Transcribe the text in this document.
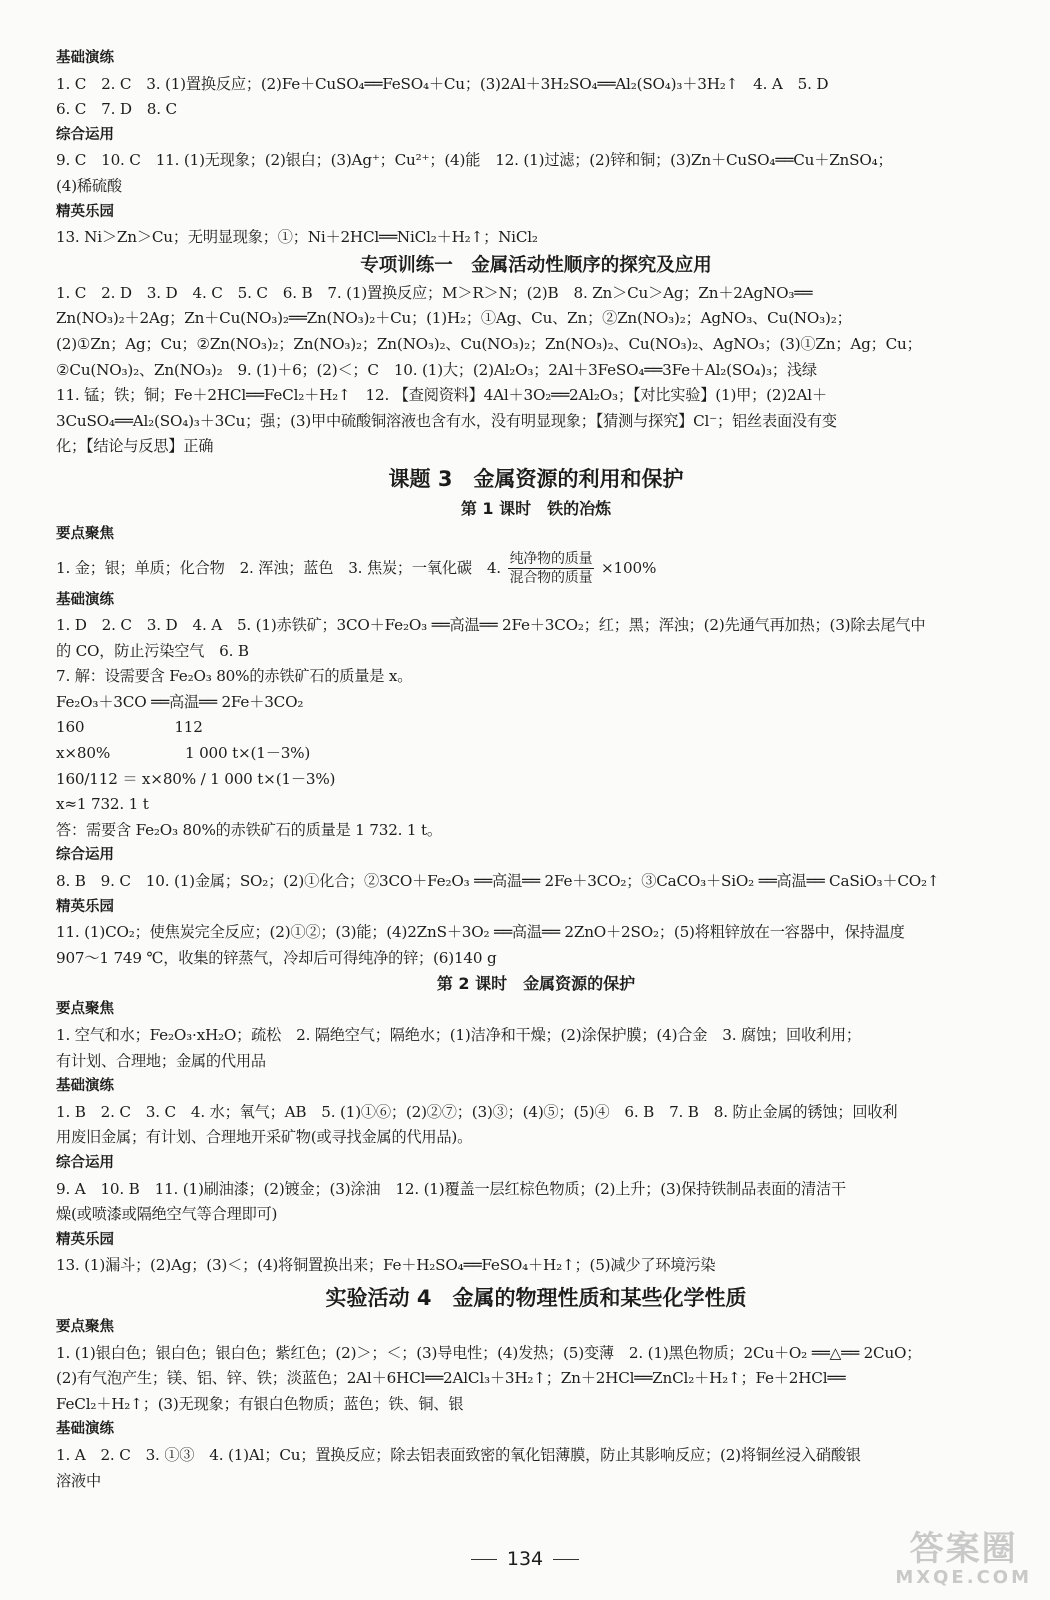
基础演练
1. C　2. C　3. (1)置换反应；(2)Fe＋CuSO₄══FeSO₄＋Cu；(3)2Al＋3H₂SO₄══Al₂(SO₄)₃＋3H₂↑　4. A　5. D
6. C　7. D　8. C
综合运用
9. C　10. C　11. (1)无现象；(2)银白；(3)Ag⁺；Cu²⁺；(4)能　12. (1)过滤；(2)锌和铜；(3)Zn＋CuSO₄══Cu＋ZnSO₄；
(4)稀硫酸
精英乐园
13. Ni＞Zn＞Cu；无明显现象；①；Ni＋2HCl══NiCl₂＋H₂↑；NiCl₂
专项训练一　金属活动性顺序的探究及应用
1. C　2. D　3. D　4. C　5. C　6. B　7. (1)置换反应；M＞R＞N；(2)B　8. Zn＞Cu＞Ag；Zn＋2AgNO₃══
Zn(NO₃)₂＋2Ag；Zn＋Cu(NO₃)₂══Zn(NO₃)₂＋Cu；(1)H₂；①Ag、Cu、Zn；②Zn(NO₃)₂；AgNO₃、Cu(NO₃)₂；
(2)①Zn；Ag；Cu；②Zn(NO₃)₂；Zn(NO₃)₂；Zn(NO₃)₂、Cu(NO₃)₂；Zn(NO₃)₂、Cu(NO₃)₂、AgNO₃；(3)①Zn；Ag；Cu；
②Cu(NO₃)₂、Zn(NO₃)₂　9. (1)＋6；(2)＜；C　10. (1)大；(2)Al₂O₃；2Al＋3FeSO₄══3Fe＋Al₂(SO₄)₃；浅绿
11. 锰；铁；铜；Fe＋2HCl══FeCl₂＋H₂↑　12. 【查阅资料】4Al＋3O₂══2Al₂O₃；【对比实验】(1)甲；(2)2Al＋
3CuSO₄══Al₂(SO₄)₃＋3Cu；强；(3)甲中硫酸铜溶液也含有水，没有明显现象；【猜测与探究】Cl⁻；铝丝表面没有变
化；【结论与反思】正确
课题 3　金属资源的利用和保护
第 1 课时　铁的冶炼
要点聚焦
1. 金；银；单质；化合物　2. 浑浊；蓝色　3. 焦炭；一氧化碳　4. $\frac{\text{纯净物的质量}}{\text{混合物的质量}} \times 100\%$
基础演练
1. D　2. C　3. D　4. A　5. (1)赤铁矿；3CO＋Fe₂O₃ ══高温══ 2Fe＋3CO₂；红；黑；浑浊；(2)先通气再加热；(3)除去尾气中
的 CO，防止污染空气　6. B
7. 解：设需要含 Fe₂O₃ 80%的赤铁矿石的质量是 x。
Fe₂O₃＋3CO ══高温══ 2Fe＋3CO₂
160　　　　　　112
x×80%　　　　　1 000 t×(1－3%)
160/112 ＝ x×80% / 1 000 t×(1－3%)
x≈1 732. 1 t
答：需要含 Fe₂O₃ 80%的赤铁矿石的质量是 1 732. 1 t。
综合运用
8. B　9. C　10. (1)金属；SO₂；(2)①化合；②3CO＋Fe₂O₃ ══高温══ 2Fe＋3CO₂；③CaCO₃＋SiO₂ ══高温══ CaSiO₃＋CO₂↑
精英乐园
11. (1)CO₂；使焦炭完全反应；(2)①②；(3)能；(4)2ZnS＋3O₂ ══高温══ 2ZnO＋2SO₂；(5)将粗锌放在一容器中，保持温度
907～1 749 ℃，收集的锌蒸气，冷却后可得纯净的锌；(6)140 g
第 2 课时　金属资源的保护
要点聚焦
1. 空气和水；Fe₂O₃·xH₂O；疏松　2. 隔绝空气；隔绝水；(1)洁净和干燥；(2)涂保护膜；(4)合金　3. 腐蚀；回收利用；
有计划、合理地；金属的代用品
基础演练
1. B　2. C　3. C　4. 水；氧气；AB　5. (1)①⑥；(2)②⑦；(3)③；(4)⑤；(5)④　6. B　7. B　8. 防止金属的锈蚀；回收利
用废旧金属；有计划、合理地开采矿物(或寻找金属的代用品)。
综合运用
9. A　10. B　11. (1)刷油漆；(2)镀金；(3)涂油　12. (1)覆盖一层红棕色物质；(2)上升；(3)保持铁制品表面的清洁干
燥(或喷漆或隔绝空气等合理即可)
精英乐园
13. (1)漏斗；(2)Ag；(3)＜；(4)将铜置换出来；Fe＋H₂SO₄══FeSO₄＋H₂↑；(5)减少了环境污染
实验活动 4　金属的物理性质和某些化学性质
要点聚焦
1. (1)银白色；银白色；银白色；紫红色；(2)＞；＜；(3)导电性；(4)发热；(5)变薄　2. (1)黑色物质；2Cu＋O₂ ══△══ 2CuO；
(2)有气泡产生；镁、铝、锌、铁；淡蓝色；2Al＋6HCl══2AlCl₃＋3H₂↑；Zn＋2HCl══ZnCl₂＋H₂↑；Fe＋2HCl══
FeCl₂＋H₂↑；(3)无现象；有银白色物质；蓝色；铁、铜、银
基础演练
1. A　2. C　3. ①③　4. (1)Al；Cu；置换反应；除去铝表面致密的氧化铝薄膜，防止其影响反应；(2)将铜丝浸入硝酸银
溶液中
134	答案圈
MXQE.COM
